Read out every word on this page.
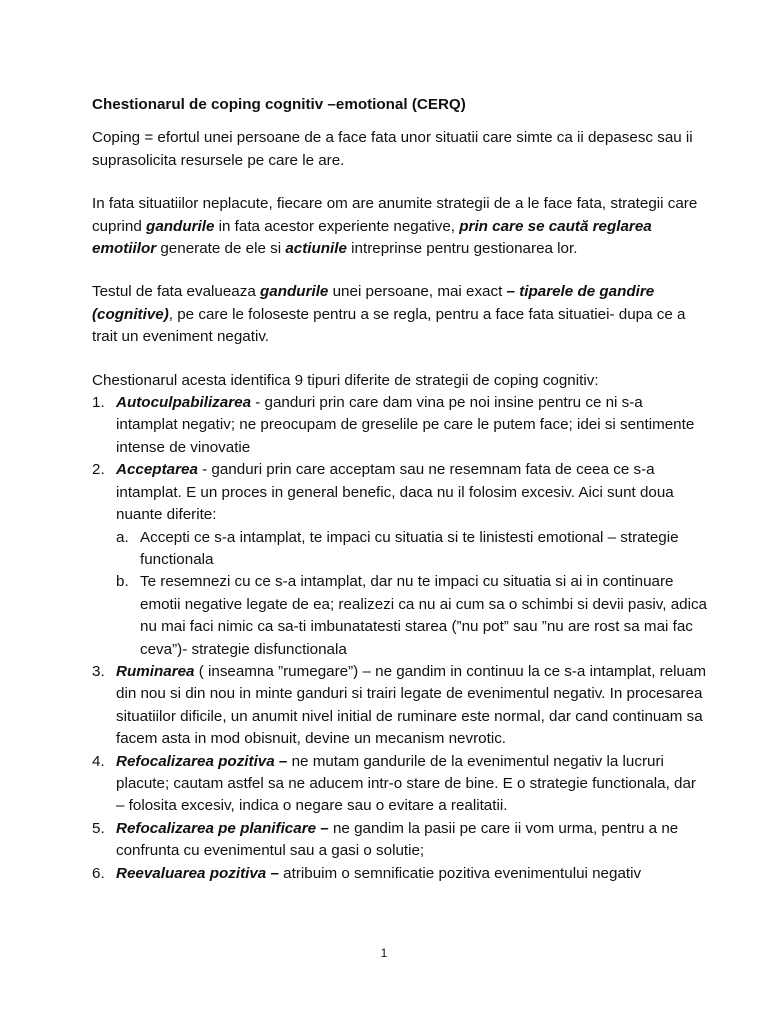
Chestionarul de coping cognitiv –emotional (CERQ)

Coping = efortul unei persoane de a face fata unor situatii care simte ca ii depasesc sau ii suprasolicita resursele pe care le are.

In fata situatiilor neplacute, fiecare om are anumite strategii de a le face fata, strategii care cuprind gandurile in fata acestor experiente negative, prin care se caută reglarea emotiilor generate de ele si actiunile intreprinse pentru gestionarea lor.

Testul de fata evalueaza gandurile unei persoane, mai exact – tiparele de gandire (cognitive), pe care le foloseste pentru a se regla, pentru a face fata situatiei- dupa ce a trait un eveniment negativ.

Chestionarul acesta identifica 9 tipuri diferite de strategii de coping cognitiv:
1. Autoculpabilizarea - ganduri prin care dam vina pe noi insine pentru ce ni s-a intamplat negativ; ne preocupam de greselile pe care le putem face; idei si sentimente intense de vinovatie
2. Acceptarea - ganduri prin care acceptam sau ne resemnam fata de ceea ce s-a intamplat. E un proces in general benefic, daca nu il folosim excesiv. Aici sunt doua nuante diferite:
a. Accepti ce s-a intamplat, te impaci cu situatia si te linistesti emotional – strategie functionala
b. Te resemnezi cu ce s-a intamplat, dar nu te impaci cu situatia si ai in continuare emotii negative legate de ea; realizezi ca nu ai cum sa o schimbi si devii pasiv, adica nu mai faci nimic ca sa-ti imbunatatesti starea (”nu pot” sau ”nu are rost sa mai fac ceva”)- strategie disfunctionala
3. Ruminarea ( inseamna ”rumegare”) – ne gandim in continuu la ce s-a intamplat, reluam din nou si din nou in minte ganduri si trairi legate de evenimentul negativ. In procesarea situatiilor dificile, un anumit nivel initial de ruminare este normal, dar cand continuam sa facem asta in mod obisnuit, devine un mecanism nevrotic.
4. Refocalizarea pozitiva – ne mutam gandurile de la evenimentul negativ la lucruri placute; cautam astfel sa ne aducem intr-o stare de bine. E o strategie functionala, dar – folosita excesiv, indica o negare sau o evitare a realitatii.
5. Refocalizarea pe planificare – ne gandim la pasii pe care ii vom urma, pentru a ne confrunta cu evenimentul sau a gasi o solutie;
6. Reevaluarea pozitiva – atribuim o semnificatie pozitiva evenimentului negativ
1
